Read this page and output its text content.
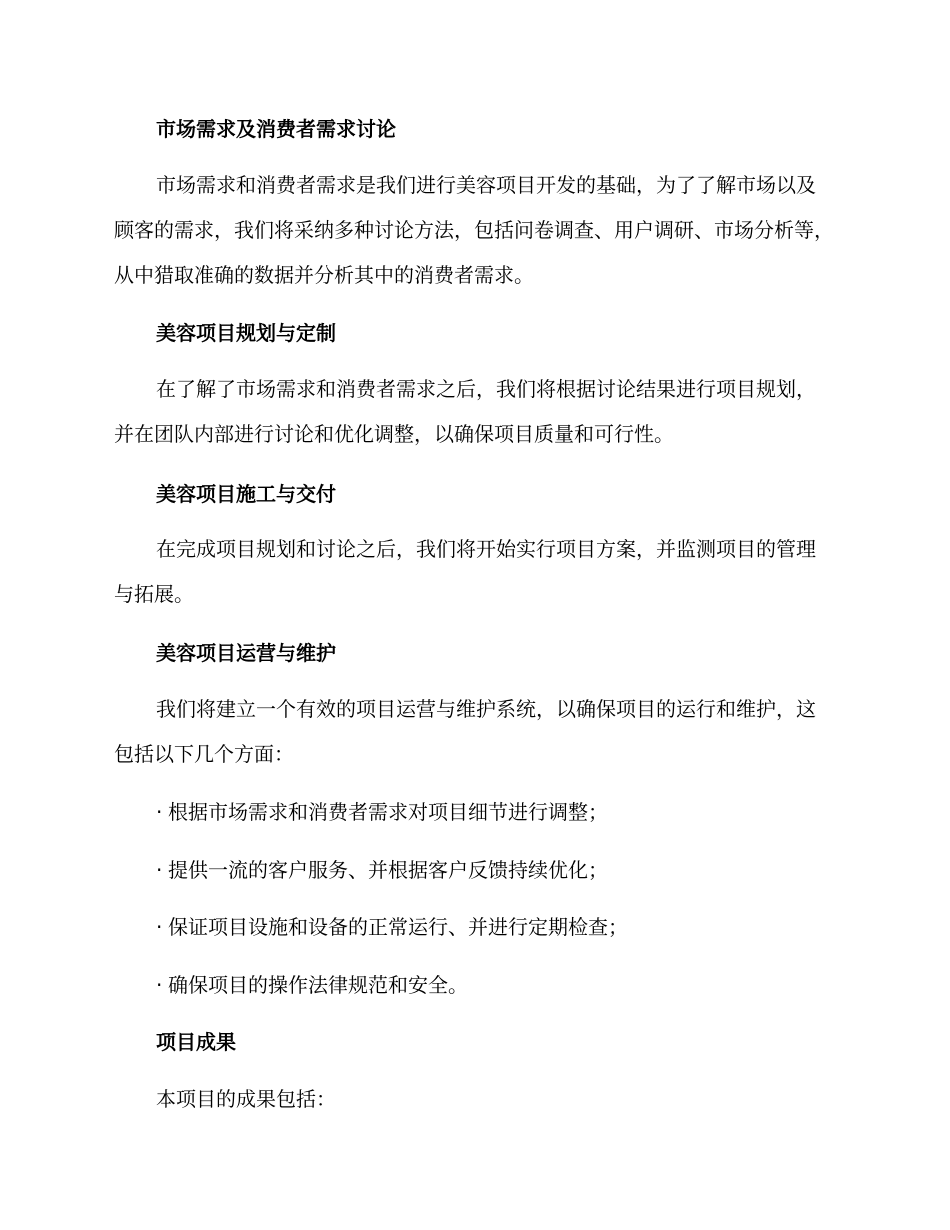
市场需求及消费者需求讨论

市场需求和消费者需求是我们进行美容项目开发的基础，为了了解市场以及顾客的需求，我们将采纳多种讨论方法，包括问卷调查、用户调研、市场分析等，从中猎取准确的数据并分析其中的消费者需求。

美容项目规划与定制

在了解了市场需求和消费者需求之后，我们将根据讨论结果进行项目规划，并在团队内部进行讨论和优化调整，以确保项目质量和可行性。

美容项目施工与交付

在完成项目规划和讨论之后，我们将开始实行项目方案，并监测项目的管理与拓展。

美容项目运营与维护

我们将建立一个有效的项目运营与维护系统，以确保项目的运行和维护，这包括以下几个方面：

· 根据市场需求和消费者需求对项目细节进行调整；

· 提供一流的客户服务、并根据客户反馈持续优化；

· 保证项目设施和设备的正常运行、并进行定期检查；

· 确保项目的操作法律规范和安全。

项目成果

本项目的成果包括：
